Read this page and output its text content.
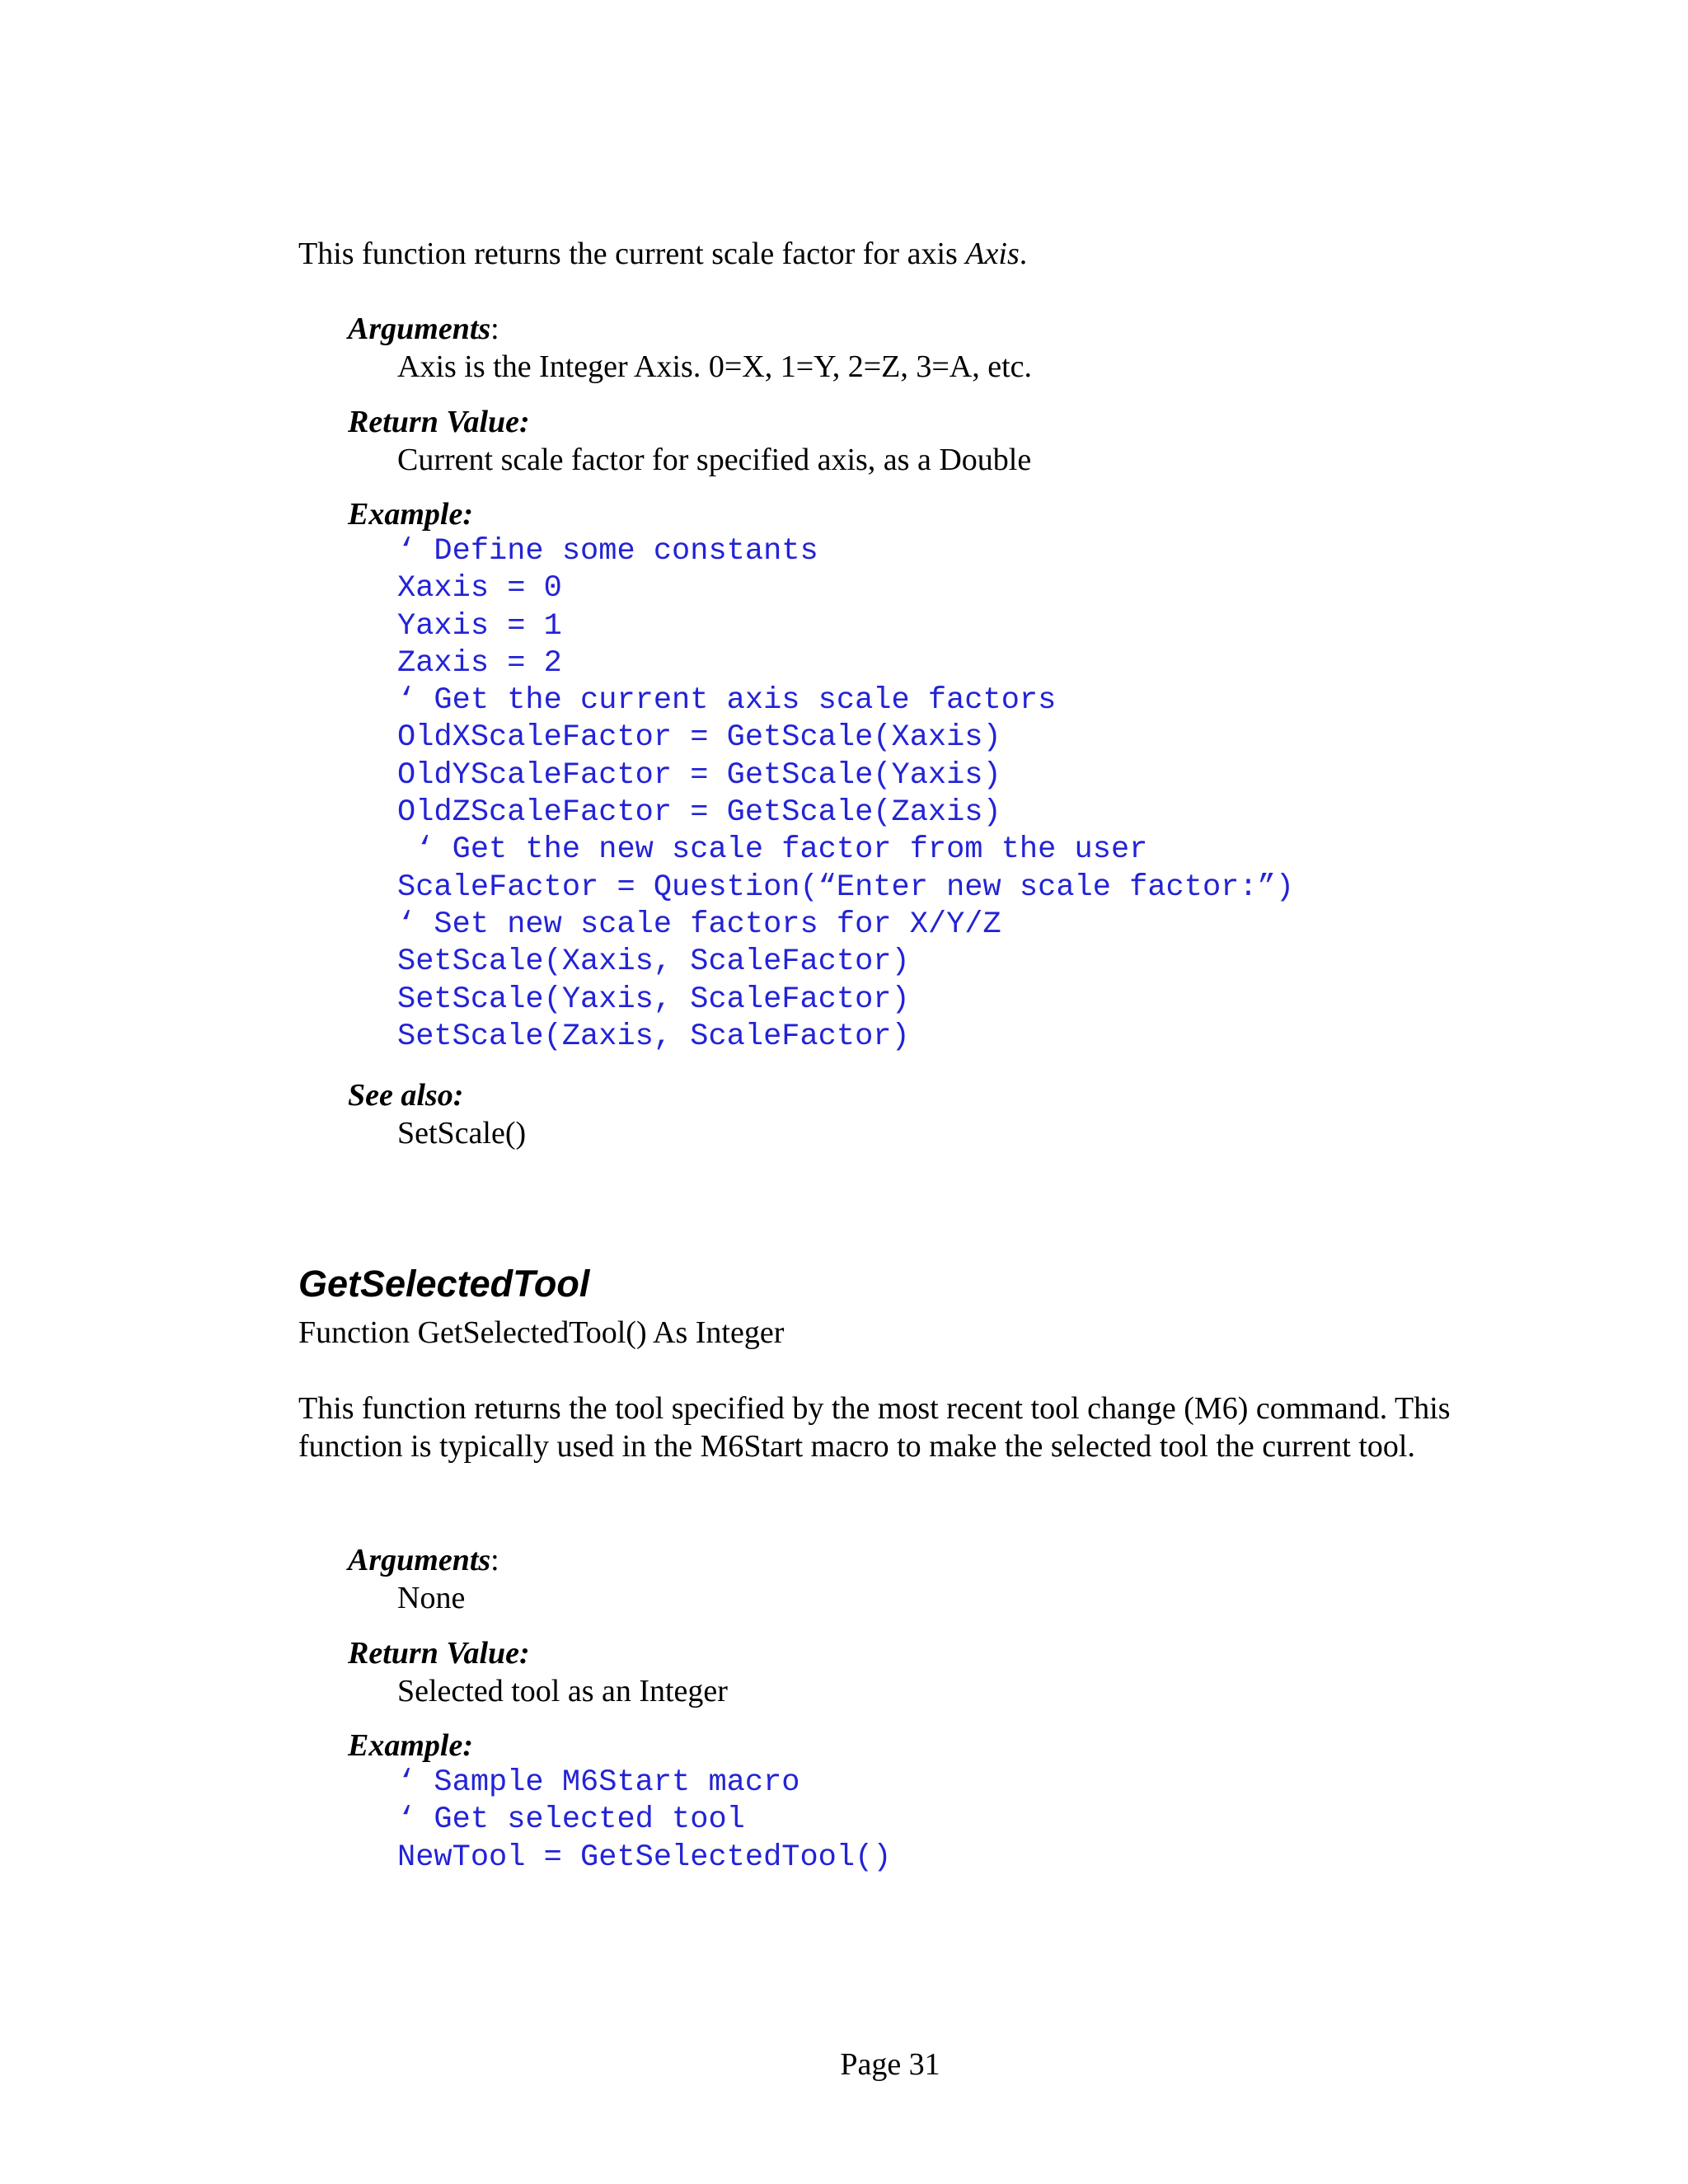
This function returns the current scale factor for axis Axis.

Arguments:

Axis is the Integer Axis. 0=X, 1=Y, 2=Z, 3=A, etc.

Return Value:

Current scale factor for specified axis, as a Double

Example:

‘ Define some constants
Xaxis = 0
Yaxis = 1
Zaxis = 2
‘ Get the current axis scale factors
OldXScaleFactor = GetScale(Xaxis)
OldYScaleFactor = GetScale(Yaxis)
OldZScaleFactor = GetScale(Zaxis)
‘ Get the new scale factor from the user
ScaleFactor = Question(“Enter new scale factor:”)
‘ Set new scale factors for X/Y/Z
SetScale(Xaxis, ScaleFactor)
SetScale(Yaxis, ScaleFactor)
SetScale(Zaxis, ScaleFactor)

See also:

SetScale()

GetSelectedTool

Function GetSelectedTool() As Integer

This function returns the tool specified by the most recent tool change (M6) command. This function is typically used in the M6Start macro to make the selected tool the current tool.

Arguments:

None

Return Value:

Selected tool as an Integer

Example:

‘ Sample M6Start macro
‘ Get selected tool
NewTool = GetSelectedTool()
Page 31
